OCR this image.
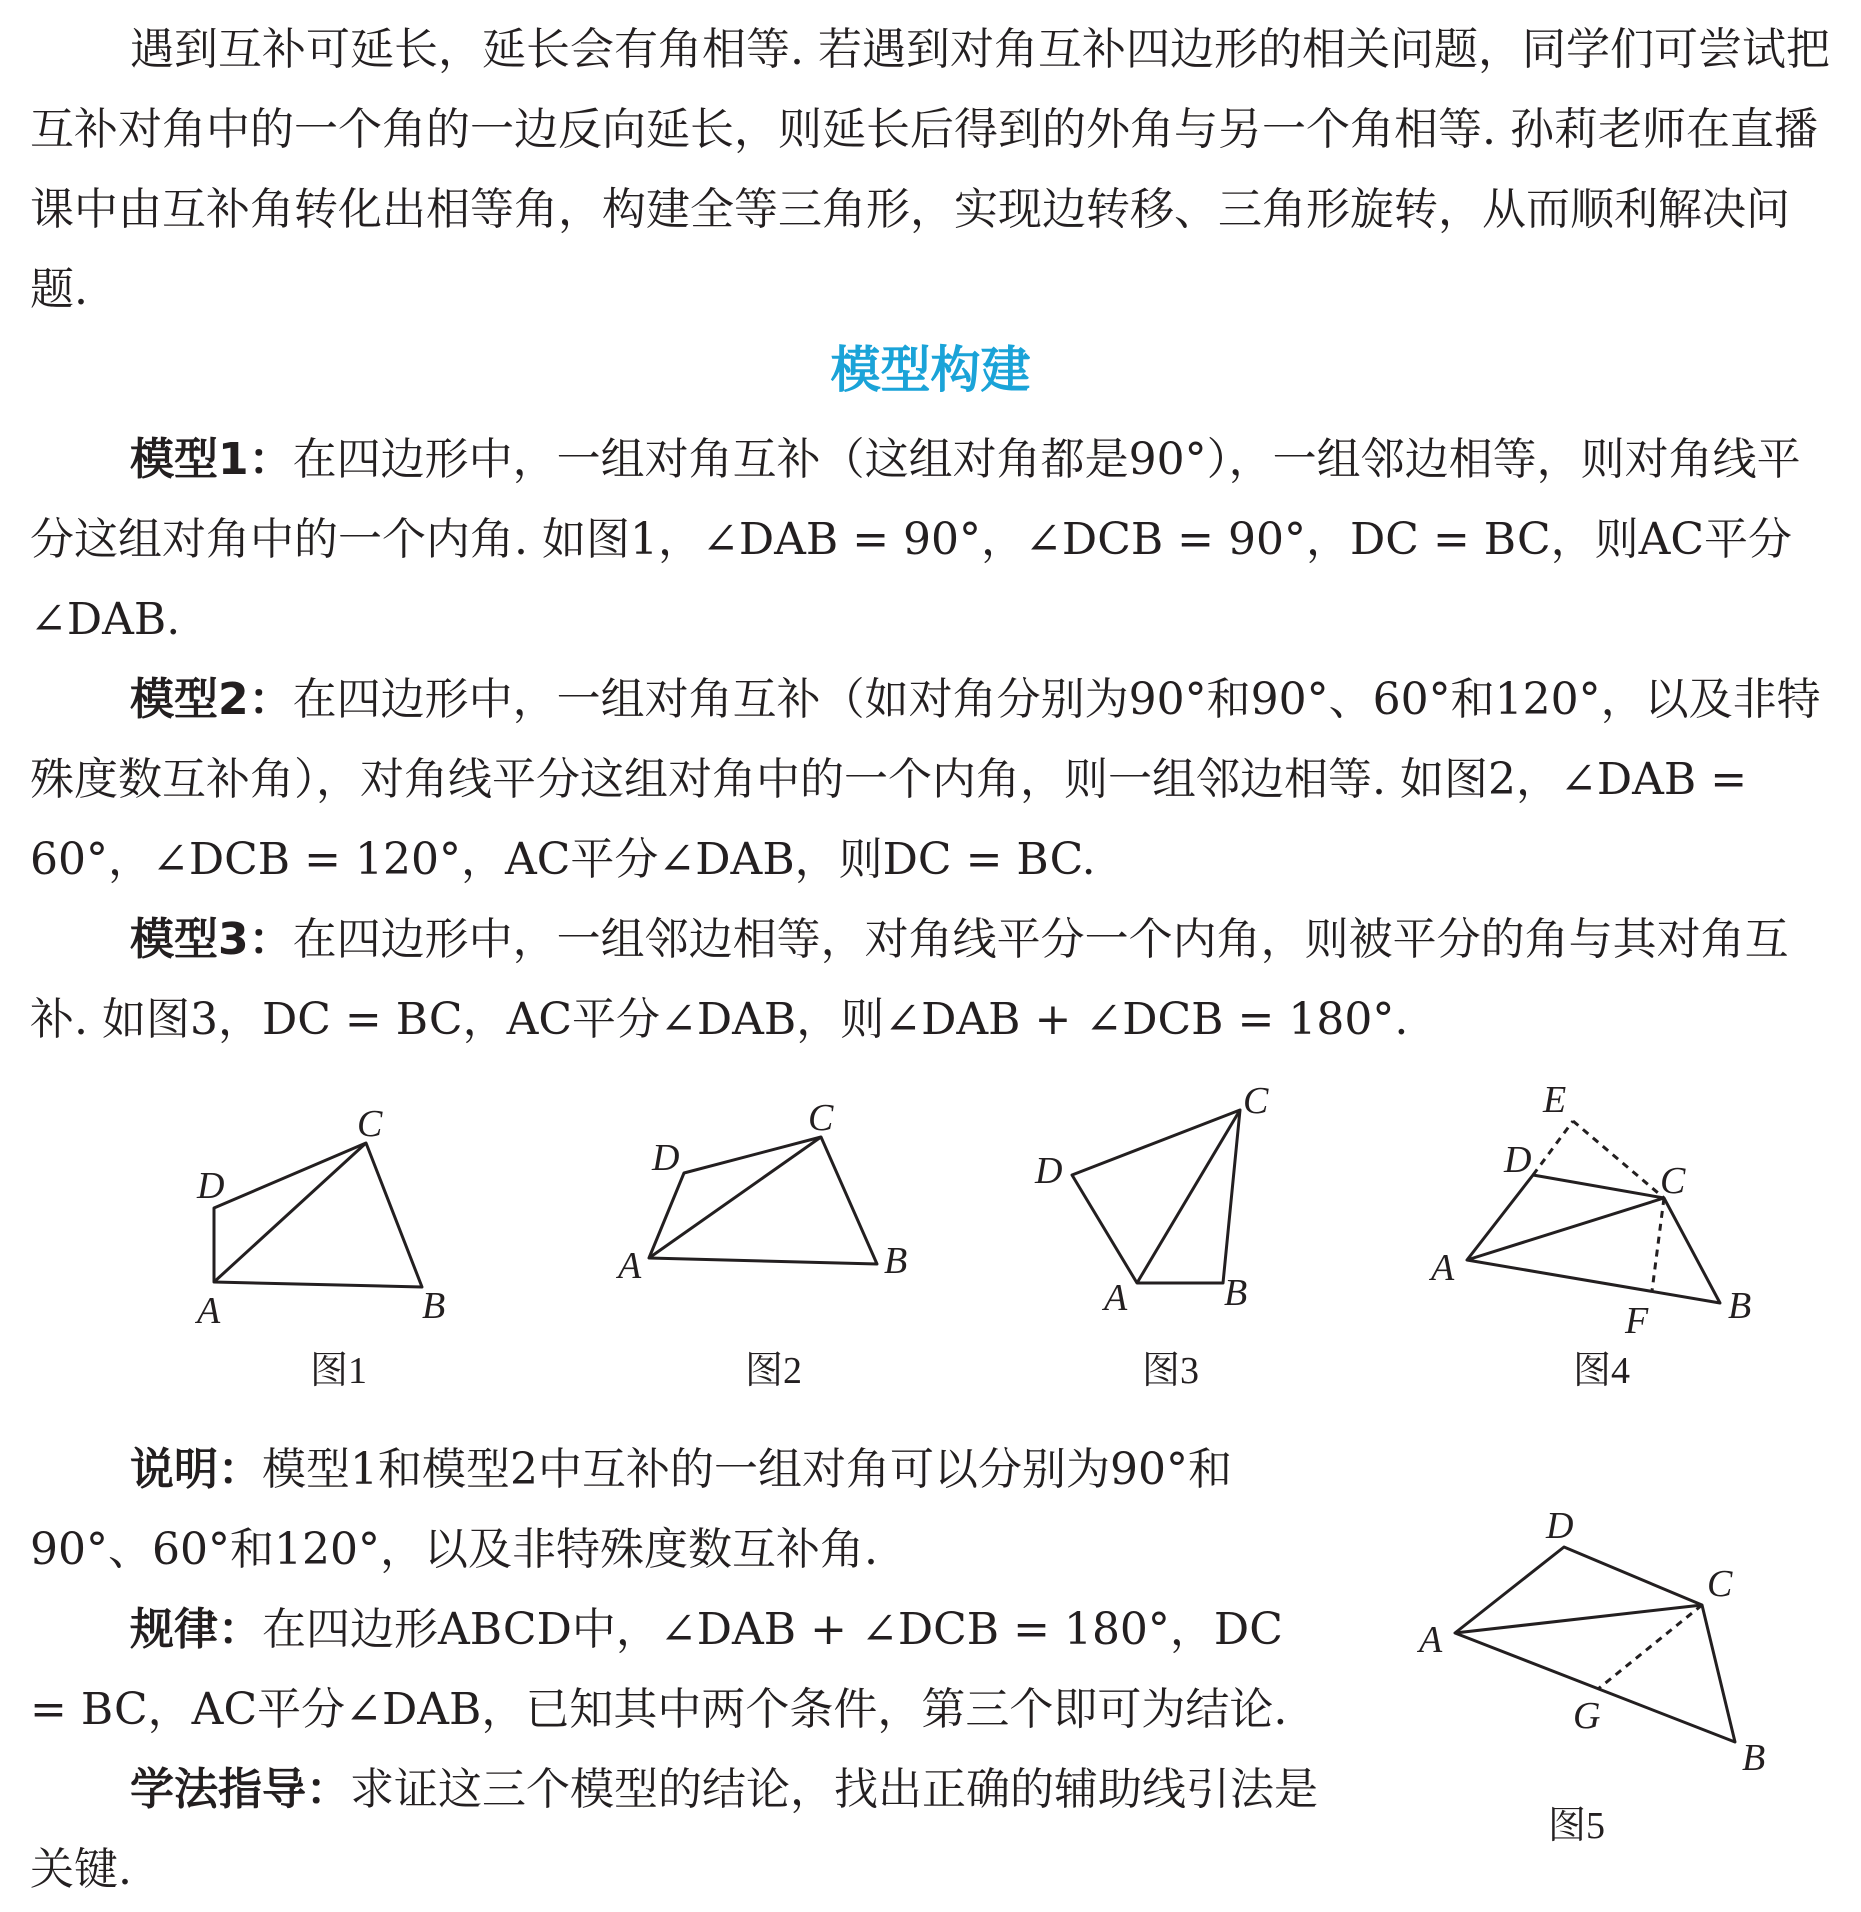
遇到互补可延长，延长会有角相等. 若遇到对角互补四边形的相关问题，同学们可尝试把互补对角中的一个角的一边反向延长，则延长后得到的外角与另一个角相等. 孙莉老师在直播课中由互补角转化出相等角，构建全等三角形，实现边转移、三角形旋转，从而顺利解决问题.

模型构建

模型1：在四边形中，一组对角互补（这组对角都是90°），一组邻边相等，则对角线平分这组对角中的一个内角. 如图1，∠DAB = 90°，∠DCB = 90°，DC = BC，则AC平分∠DAB.

模型2：在四边形中，一组对角互补（如对角分别为90°和90°、60°和120°，以及非特殊度数互补角），对角线平分这组对角中的一个内角，则一组邻边相等. 如图2，∠DAB = 60°，∠DCB = 120°，AC平分∠DAB，则DC = BC.

模型3：在四边形中，一组邻边相等，对角线平分一个内角，则被平分的角与其对角互补. 如图3，DC = BC，AC平分∠DAB，则∠DAB + ∠DCB = 180°.

A	B
C
D
图1
A	B
C
D
图2
A	B
C
D
图3
A
B
C
D
E
F
图4
A
B
C
D
G
图5

说明：模型1和模型2中互补的一组对角可以分别为90°和90°、60°和120°，以及非特殊度数互补角.

规律：在四边形ABCD中，∠DAB + ∠DCB = 180°，DC = BC，AC平分∠DAB，已知其中两个条件，第三个即可为结论.

学法指导：求证这三个模型的结论，找出正确的辅助线引法是关键.
